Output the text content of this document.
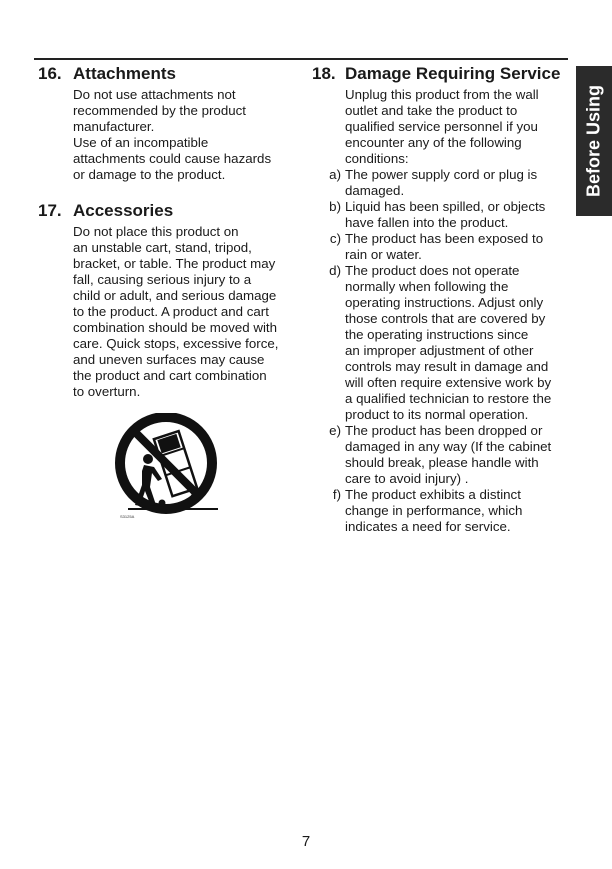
Before Using
16. Attachments
Do not use attachments not
recommended by the product
manufacturer.
Use of an incompatible
attachments could cause hazards
or damage to the product.
17. Accessories
Do not place this product on
an unstable cart, stand, tripod,
bracket, or table. The product may
fall, causing serious injury to a
child or adult, and serious damage
to the product. A product and cart
combination should be moved with
care. Quick stops, excessive force,
and uneven surfaces may cause
the product and cart combination
to overturn.
S3125A
18. Damage Requiring Service
Unplug this product from the wall
outlet and take the product to
qualified service personnel if you
encounter any of the following
conditions:
a) The power supply cord or plug is
damaged.
b) Liquid has been spilled, or objects
have fallen into the product.
c) The product has been exposed to
rain or water.
d) The product does not operate
normally when following the
operating instructions. Adjust only
those controls that are covered by
the operating instructions since
an improper adjustment of other
controls may result in damage and
will often require extensive work by
a qualified technician to restore the
product to its normal operation.
e) The product has been dropped or
damaged in any way (If the cabinet
should break, please handle with
care to avoid injury) .
f) The product exhibits a distinct
change in performance, which
indicates a need for service.
7
